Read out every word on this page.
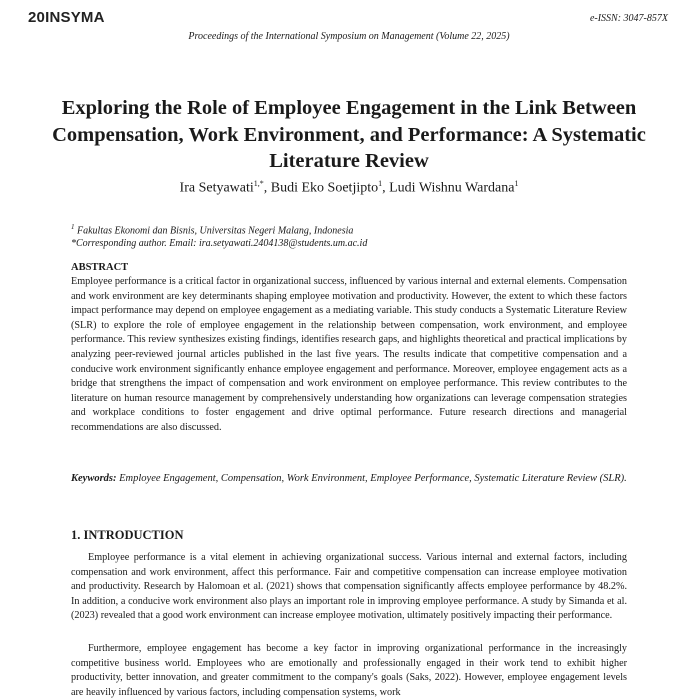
20INSYMA	e-ISSN: 3047-857X
Proceedings of the International Symposium on Management (Volume 22, 2025)
Exploring the Role of Employee Engagement in the Link Between Compensation, Work Environment, and Performance: A Systematic Literature Review
Ira Setyawati$^{1,*}$, Budi Eko Soetjipto$^1$, Ludi Wishnu Wardana$^1$
$^1$ Fakultas Ekonomi dan Bisnis, Universitas Negeri Malang, Indonesia
*Corresponding author. Email: ira.setyawati.2404138@students.um.ac.id
ABSTRACT

Employee performance is a critical factor in organizational success, influenced by various internal and external elements. Compensation and work environment are key determinants shaping employee motivation and productivity. However, the extent to which these factors impact performance may depend on employee engagement as a mediating variable. This study conducts a Systematic Literature Review (SLR) to explore the role of employee engagement in the relationship between compensation, work environment, and employee performance. This review synthesizes existing findings, identifies research gaps, and highlights theoretical and practical implications by analyzing peer-reviewed journal articles published in the last five years. The results indicate that competitive compensation and a conducive work environment significantly enhance employee engagement and performance. Moreover, employee engagement acts as a bridge that strengthens the impact of compensation and work environment on employee performance. This review contributes to the literature on human resource management by comprehensively understanding how organizations can leverage compensation strategies and workplace conditions to foster engagement and drive optimal performance. Future research directions and managerial recommendations are also discussed.

Keywords: Employee Engagement, Compensation, Work Environment, Employee Performance, Systematic Literature Review (SLR).

1. INTRODUCTION

Employee performance is a vital element in achieving organizational success. Various internal and external factors, including compensation and work environment, affect this performance. Fair and competitive compensation can increase employee motivation and productivity. Research by Halomoan et al. (2021) shows that compensation significantly affects employee performance by 48.2%. In addition, a conducive work environment also plays an important role in improving employee performance. A study by Simanda et al. (2023) revealed that a good work environment can increase employee motivation, ultimately positively impacting their performance.

Furthermore, employee engagement has become a key factor in improving organizational performance in the increasingly competitive business world. Employees who are emotionally and professionally engaged in their work tend to exhibit higher productivity, better innovation, and greater commitment to the company's goals (Saks, 2022). However, employee engagement levels are heavily influenced by various factors, including compensation systems, work
